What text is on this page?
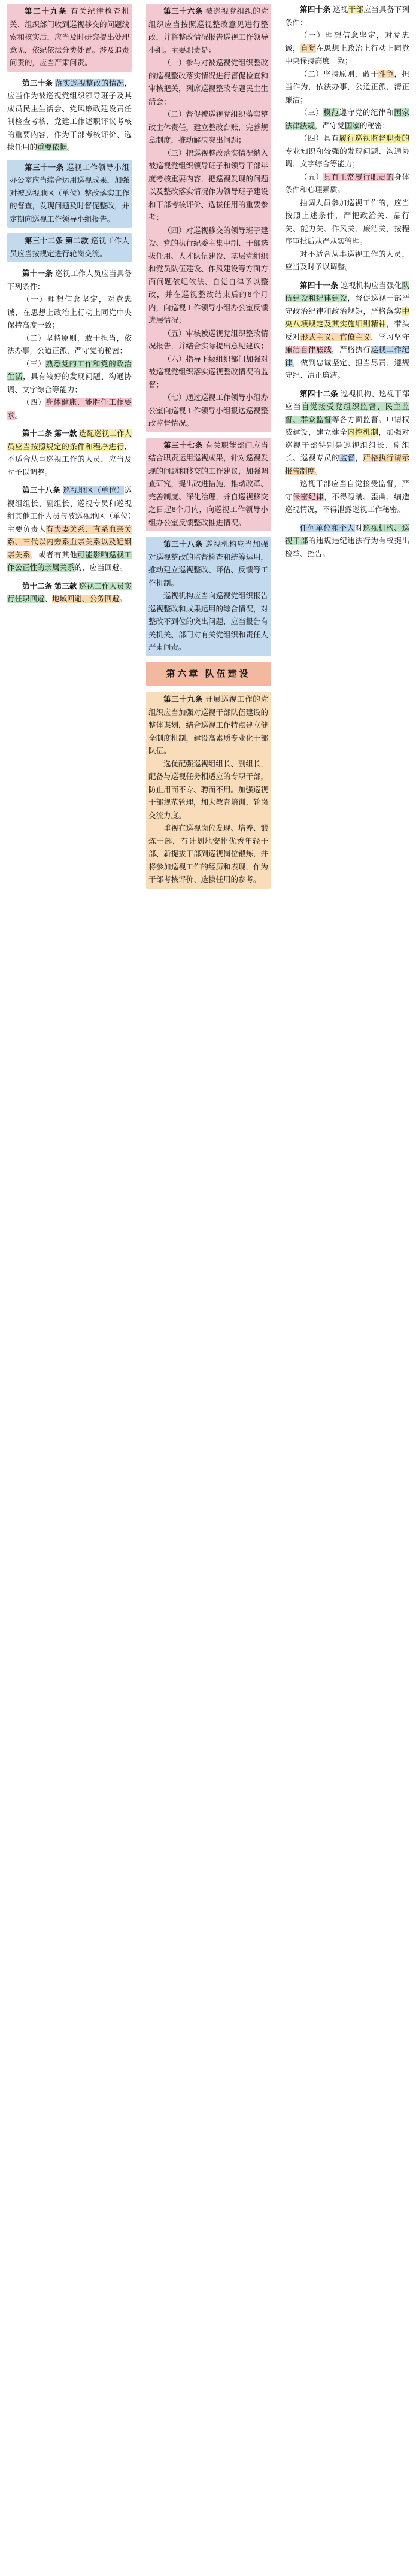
第二十九条 有关纪律检查机关、组织部门收到巡视移交的问题线索和核实后，应当及时研究提出处理意见，依纪依法分类处置。涉及追责问责的，应当严肃问责。

第三十条 落实巡视整改的情况，应当作为被巡视党组织领导班子及其成员民主生活会、党风廉政建设责任制检查考核、党建工作述职评议考核的重要内容，作为干部考核评价、选拔任用的重要依据。

第三十一条 巡视工作领导小组办公室应当综合运用巡视成果，加强对被巡视地区（单位）整改落实工作的督查，发现问题及时督促整改，并定期向巡视工作领导小组报告。

第三十二条 第二款 巡视工作人员应当按规定进行轮岗交流。

第十一条 巡视工作人员应当具备下列条件：

（一）理想信念坚定，对党忠诚，在思想上政治上行动上同党中央保持高度一致；

（二）坚持原则，敢于担当，依法办事，公道正派，严守党的秘密；

（三）熟悉党的工作和党的政治生活，具有较好的发现问题、沟通协调、文字综合等能力；

（四）身体健康、能胜任工作要求。

第十二条 第一款 选配巡视工作人员应当按照规定的条件和程序进行，不适合从事巡视工作的人员，应当及时予以调整。

第三十八条 巡视地区（单位）巡视组组长、副组长、巡视专员和巡视组其他工作人员与被巡视地区（单位）主要负责人有夫妻关系、直系血亲关系、三代以内旁系血亲关系以及近姻亲关系，或者有其他可能影响巡视工作公正性的亲属关系的，应当回避。

第十二条 第三款 巡视工作人员实行任职回避、地域回避、公务回避。

第三十六条 被巡视党组织的党组织应当按照巡视整改意见进行整改，并将整改情况报告巡视工作领导小组。主要职责是：

（一）参与对被巡视党组织整改的巡视整改落实情况进行督促检查和审核把关，列席巡视整改专题民主生活会；

（二）督促被巡视党组织落实整改主体责任，建立整改台账，完善规章制度，推动解决突出问题；

（三）把巡视整改落实情况纳入被巡视党组织领导班子和领导干部年度考核重要内容，把巡视发现的问题以及整改落实情况作为领导班子建设和干部考核评价、选拔任用的重要参考；

（四）对巡视移交的领导班子建设、党的执行纪委主集中制、干部选拔任用、人才队伍建设、基层党组织和党员队伍建设、作风建设等方面方面问题依纪依法、自觉自律予以整改，并在巡视整改结束后的6个月内，向巡视工作领导小组办公室反馈进展情况；

（五）审核被巡视党组织整改情况报告，并结合实际提出意见建议；

（六）指导下级组织部门加强对被巡视党组织落实巡视整改情况的监督；

（七）通过巡视工作领导小组办公室向巡视工作领导小组报送巡视整改监督情况。

第三十七条 有关职能部门应当结合职责运用巡视成果，针对巡视发现的问题和移交的工作建议，加强调查研究，提出改进措施，推动改革、完善制度、深化治理，并自巡视移交之日起6个月内，向巡视工作领导小组办公室反馈整改推进情况。

第三十八条 巡视机构应当加强对巡视整改的监督检查和统筹运用，推动建立巡视整改、评估、反馈等工作机制。

巡视机构应当向巡视党组织报告巡视整改和成果运用的综合情况，对整改不到位的突出问题，应当报告有关机关、部门对有关党组织和责任人严肃问责。

第六章 队伍建设

第三十九条 开展巡视工作的党组织应当加强对巡视干部队伍建设的整体谋划，结合巡视工作特点建立健全制度机制，建设高素质专业化干部队伍。

选优配强巡视组组长、副组长，配备与巡视任务相适应的专职干部，防止用而不专、聘而不用。加强巡视干部规范管理，加大教育培训、轮岗交流力度。

重视在巡视岗位发现、培养、锻炼干部，有计划地安排优秀年轻干部、新提拔干部到巡视岗位锻炼，并将参加巡视工作的经历和表现，作为干部考核评价、选拔任用的参考。

第四十条 巡视干部应当具备下列条件：

（一）理想信念坚定，对党忠诚，自觉在思想上政治上行动上同党中央保持高度一致；

（二）坚持原则，敢于斗争，担当作为，依法办事，公道正派，清正廉洁；

（三）模范遵守党的纪律和国家法律法规，严守党国家的秘密；

（四）具有履行巡视监督职责的专业知识和较强的发现问题、沟通协调、文字综合等能力；

（五）具有正常履行职责的身体条件和心理素质。

抽调人员参加巡视工作的，应当按照上述条件，严把政治关、品行关、能力关、作风关、廉洁关，按程序审批后从严从实管理。

对不适合从事巡视工作的人员，应当及时予以调整。

第四十一条 巡视机构应当强化队伍建设和纪律建设，督促巡视干部严守政治纪律和政治规矩，严格落实中央八项规定及其实施细则精神，带头反对形式主义、官僚主义，学习坚守廉洁自律底线，严格执行巡视工作纪律，做到忠诚坚定、担当尽责、遵规守纪、清正廉洁。

第四十二条 巡视机构、巡视干部应当自觉接受党组织监督、民主监督、群众监督等各方面监督。申请权威建设，建立健全内控机制，加强对巡视干部特别是巡视组组长、副组长、巡视专员的监督，严格执行请示报告制度。

巡视干部应当自觉接受监督，严守保密纪律，不得隐瞒、歪曲、编造巡视情况，不得泄露巡视工作秘密。

任何单位和个人对巡视机构、巡视干部的违规违纪违法行为有权提出检举、控告。
